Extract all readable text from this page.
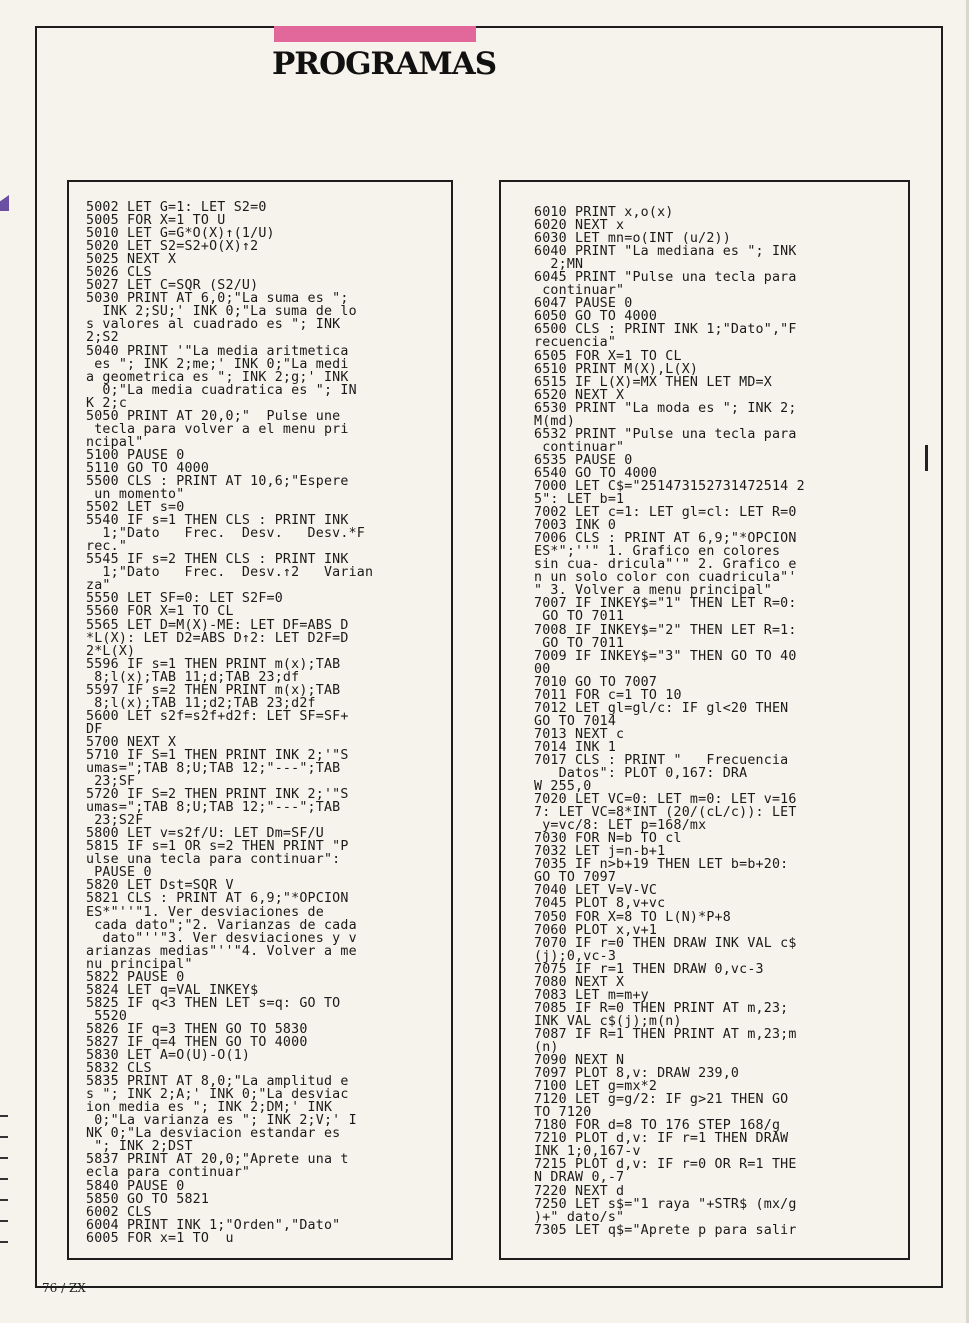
PROGRAMAS
5002 LET G=1: LET S2=0
5005 FOR X=1 TO U
5010 LET G=G*O(X)↑(1/U)
5020 LET S2=S2+O(X)↑2
5025 NEXT X
5026 CLS
5027 LET C=SQR (S2/U)
5030 PRINT AT 6,0;"La suma es ";
INK 2;SU;' INK 0;"La suma de lo
s valores al cuadrado es "; INK
2;S2
5040 PRINT '"La media aritmetica
es "; INK 2;me;' INK 0;"La medi
a geometrica es "; INK 2;g;' INK
0;"La media cuadratica es "; IN
K 2;c
5050 PRINT AT 20,0;"  Pulse une
tecla para volver a el menu pri
ncipal"
5100 PAUSE 0
5110 GO TO 4000
5500 CLS : PRINT AT 10,6;"Espere
un momento"
5502 LET s=0
5540 IF s=1 THEN CLS : PRINT INK
1;"Dato   Frec.  Desv.   Desv.*F
rec."
5545 IF s=2 THEN CLS : PRINT INK
1;"Dato   Frec.  Desv.↑2   Varian
za"
5550 LET SF=0: LET S2F=0
5560 FOR X=1 TO CL
5565 LET D=M(X)-ME: LET DF=ABS D
*L(X): LET D2=ABS D↑2: LET D2F=D
2*L(X)
5596 IF s=1 THEN PRINT m(x);TAB
8;l(x);TAB 11;d;TAB 23;df
5597 IF s=2 THEN PRINT m(x);TAB
8;l(x);TAB 11;d2;TAB 23;d2f
5600 LET s2f=s2f+d2f: LET SF=SF+
DF
5700 NEXT X
5710 IF S=1 THEN PRINT INK 2;'"S
umas=";TAB 8;U;TAB 12;"---";TAB
23;SF
5720 IF S=2 THEN PRINT INK 2;'"S
umas=";TAB 8;U;TAB 12;"---";TAB
23;S2F
5800 LET v=s2f/U: LET Dm=SF/U
5815 IF s=1 OR s=2 THEN PRINT "P
ulse una tecla para continuar":
PAUSE 0
5820 LET Dst=SQR V
5821 CLS : PRINT AT 6,9;"*OPCION
ES*"''"1. Ver desviaciones de
cada dato";"2. Varianzas de cada
dato"''"3. Ver desviaciones y v
arianzas medias"''"4. Volver a me
nu principal"
5822 PAUSE 0
5824 LET q=VAL INKEY$
5825 IF q<3 THEN LET s=q: GO TO
5520
5826 IF q=3 THEN GO TO 5830
5827 IF q=4 THEN GO TO 4000
5830 LET A=O(U)-O(1)
5832 CLS
5835 PRINT AT 8,0;"La amplitud e
s "; INK 2;A;' INK 0;"La desviac
ion media es "; INK 2;DM;' INK
0;"La varianza es "; INK 2;V;' I
NK 0;"La desviacion estandar es
"; INK 2;DST
5837 PRINT AT 20,0;"Aprete una t
ecla para continuar"
5840 PAUSE 0
5850 GO TO 5821
6002 CLS
6004 PRINT INK 1;"Orden","Dato"
6005 FOR x=1 TO  u
6010 PRINT x,o(x)
6020 NEXT x
6030 LET mn=o(INT (u/2))
6040 PRINT "La mediana es "; INK
2;MN
6045 PRINT "Pulse una tecla para
continuar"
6047 PAUSE 0
6050 GO TO 4000
6500 CLS : PRINT INK 1;"Dato","F
recuencia"
6505 FOR X=1 TO CL
6510 PRINT M(X),L(X)
6515 IF L(X)=MX THEN LET MD=X
6520 NEXT X
6530 PRINT "La moda es "; INK 2;
M(md)
6532 PRINT "Pulse una tecla para
continuar"
6535 PAUSE 0
6540 GO TO 4000
7000 LET C$="251473152731472514 2
5": LET b=1
7002 LET c=1: LET gl=cl: LET R=0
7003 INK 0
7006 CLS : PRINT AT 6,9;"*OPCION
ES*";''" 1. Grafico en colores
sin cua- dricula"'" 2. Grafico e
n un solo color con cuadricula"'
" 3. Volver a menu principal"
7007 IF INKEY$="1" THEN LET R=0:
GO TO 7011
7008 IF INKEY$="2" THEN LET R=1:
GO TO 7011
7009 IF INKEY$="3" THEN GO TO 40
00
7010 GO TO 7007
7011 FOR c=1 TO 10
7012 LET gl=gl/c: IF gl<20 THEN
GO TO 7014
7013 NEXT c
7014 INK 1
7017 CLS : PRINT "   Frecuencia
Datos": PLOT 0,167: DRA
W 255,0
7020 LET VC=0: LET m=0: LET v=16
7: LET VC=8*INT (20/(cL/c)): LET
y=vc/8: LET p=168/mx
7030 FOR N=b TO cl
7032 LET j=n-b+1
7035 IF n>b+19 THEN LET b=b+20:
GO TO 7097
7040 LET V=V-VC
7045 PLOT 8,v+vc
7050 FOR X=8 TO L(N)*P+8
7060 PLOT x,v+1
7070 IF r=0 THEN DRAW INK VAL c$
(j);0,vc-3
7075 IF r=1 THEN DRAW 0,vc-3
7080 NEXT X
7083 LET m=m+y
7085 IF R=0 THEN PRINT AT m,23;
INK VAL c$(j);m(n)
7087 IF R=1 THEN PRINT AT m,23;m
(n)
7090 NEXT N
7097 PLOT 8,v: DRAW 239,0
7100 LET g=mx*2
7120 LET g=g/2: IF g>21 THEN GO
TO 7120
7180 FOR d=8 TO 176 STEP 168/g
7210 PLOT d,v: IF r=1 THEN DRAW
INK 1;0,167-v
7215 PLOT d,v: IF r=0 OR R=1 THE
N DRAW 0,-7
7220 NEXT d
7250 LET s$="1 raya "+STR$ (mx/g
)+" dato/s"
7305 LET q$="Aprete p para salir
76 / ZX
